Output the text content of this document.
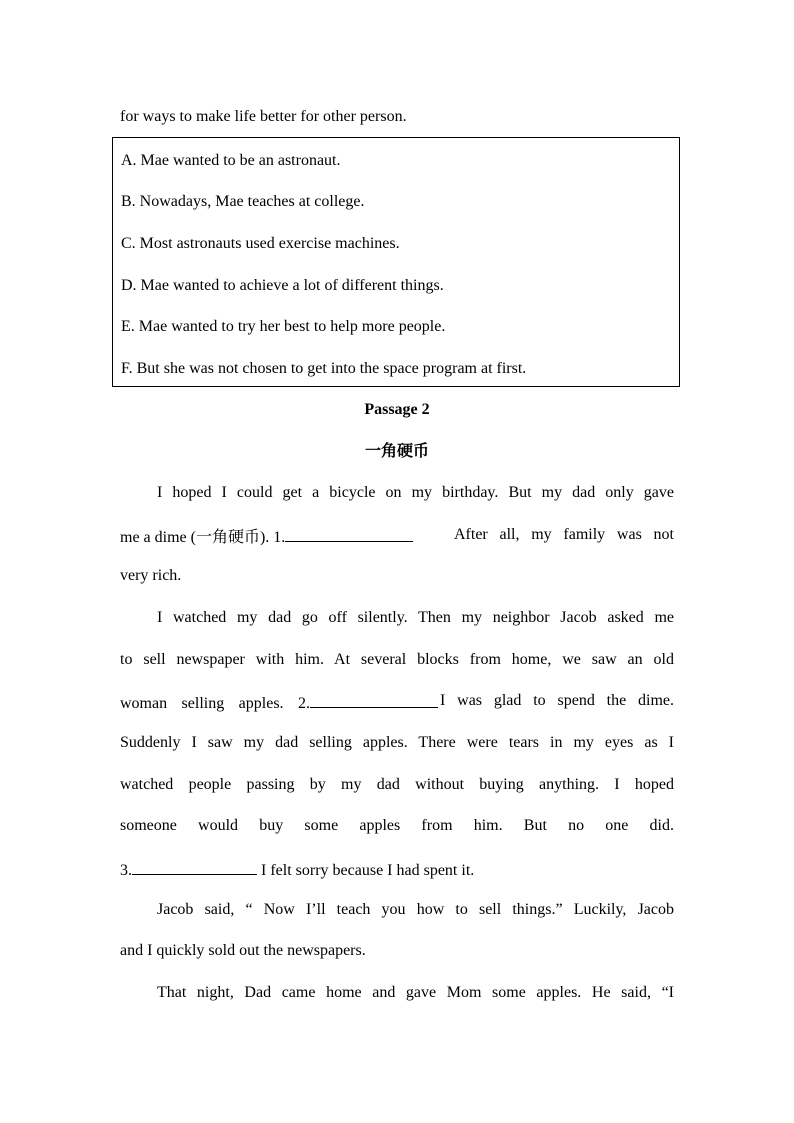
for ways to make life better for other person.
A. Mae wanted to be an astronaut.
B. Nowadays, Mae teaches at college.
C. Most astronauts used exercise machines.
D. Mae wanted to achieve a lot of different things.
E. Mae wanted to try her best to help more people.
F. But she was not chosen to get into the space program at first.
Passage 2
一角硬币
I hoped I could get a bicycle on my birthday. But my dad only gave
me a dime (一角硬币). 1.	After all, my family was not
very rich.
I watched my dad go off silently. Then my neighbor Jacob asked me
to sell newspaper with him. At several blocks from home, we saw an old
woman selling apples. 2.	I was glad to spend the dime.
Suddenly I saw my dad selling apples. There were tears in my eyes as I
watched people passing by my dad without buying anything. I hoped
someone would buy some apples from him. But no one did.
3.	I felt sorry because I had spent it.
Jacob said, “ Now I’ll teach you how to sell things.” Luckily, Jacob
and I quickly sold out the newspapers.
That night, Dad came home and gave Mom some apples. He said, “I
